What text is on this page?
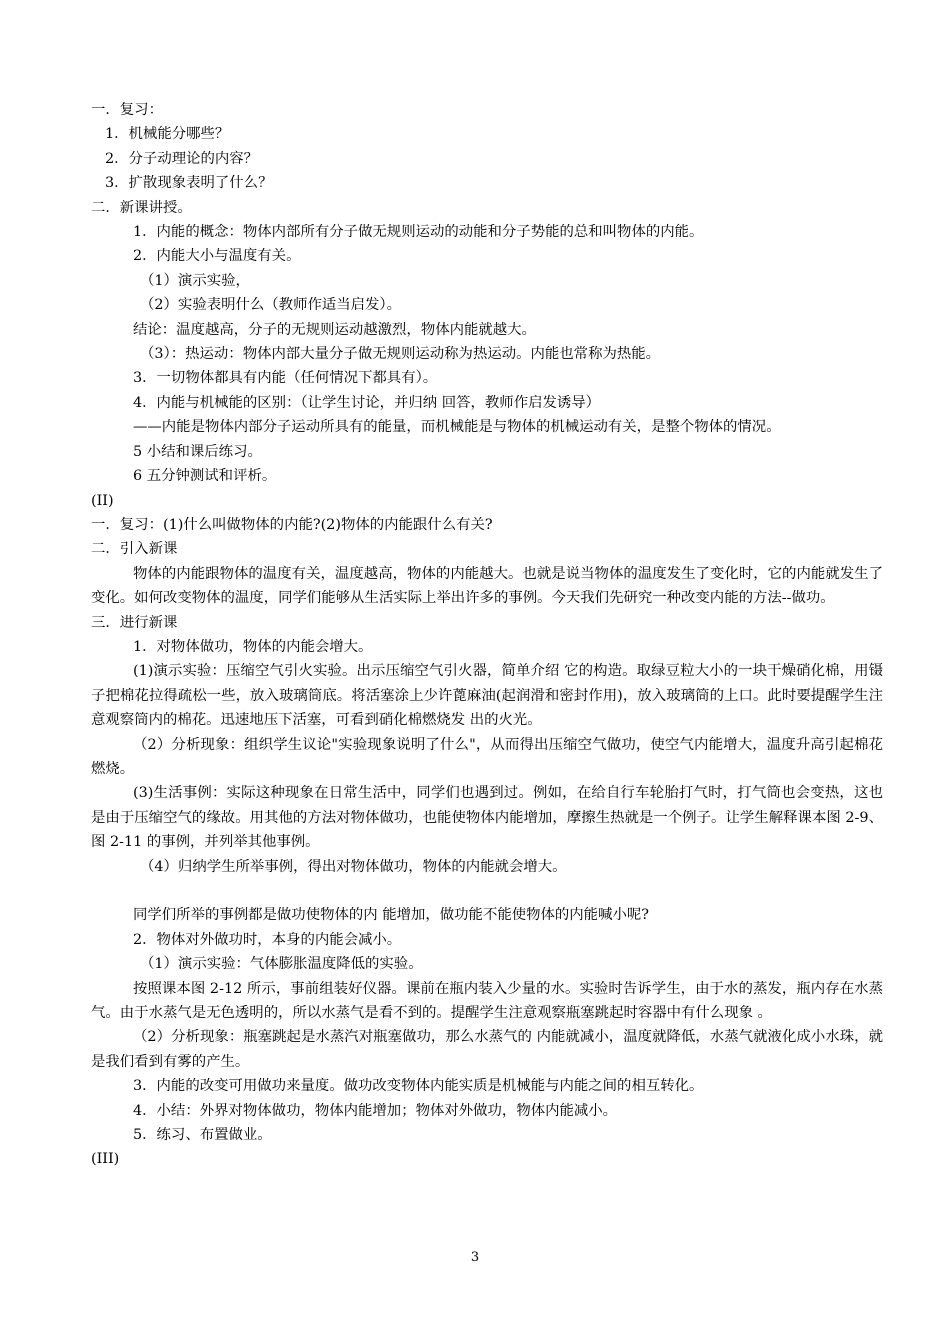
一．复习：
1．机械能分哪些？
2．分子动理论的内容？
3．扩散现象表明了什么？
二．新课讲授。
1．内能的概念：物体内部所有分子做无规则运动的动能和分子势能的总和叫物体的内能。
2．内能大小与温度有关。
（1）演示实验，
（2）实验表明什么（教师作适当启发）。
结论：温度越高，分子的无规则运动越激烈，物体内能就越大。
（3）：热运动：物体内部大量分子做无规则运动称为热运动。内能也常称为热能。
3．一切物体都具有内能（任何情况下都具有）。
4．内能与机械能的区别：（让学生讨论，并归纳 回答，教师作启发诱导）
——内能是物体内部分子运动所具有的能量，而机械能是与物体的机械运动有关，是整个物体的情况。
5 小结和课后练习。
6 五分钟测试和评析。
(II)
一．复习：(1)什么叫做物体的内能?(2)物体的内能跟什么有关?
二．引入新课
物体的内能跟物体的温度有关，温度越高，物体的内能越大。也就是说当物体的温度发生了变化时，它的内能就发生了变化。如何改变物体的温度，同学们能够从生活实际上举出许多的事例。今天我们先研究一种改变内能的方法--做功。
三．进行新课
1．对物体做功，物体的内能会增大。
(1)演示实验：压缩空气引火实验。出示压缩空气引火器，简单介绍 它的构造。取绿豆粒大小的一块干燥硝化棉，用镊子把棉花拉得疏松一些，放入玻璃筒底。将活塞涂上少许蓖麻油(起润滑和密封作用)，放入玻璃筒的上口。此时要提醒学生注意观察筒内的棉花。迅速地压下活塞，可看到硝化棉燃烧发 出的火光。
（2）分析现象：组织学生议论"实验现象说明了什么"，从而得出压缩空气做功，使空气内能增大，温度升高引起棉花燃烧。
(3)生活事例：实际这种现象在日常生活中，同学们也遇到过。例如，在给自行车轮胎打气时，打气筒也会变热，这也是由于压缩空气的缘故。用其他的方法对物体做功，也能使物体内能增加，摩擦生热就是一个例子。让学生解释课本图 2-9、图 2-11 的事例，并列举其他事例。
（4）归纳学生所举事例，得出对物体做功，物体的内能就会增大。
同学们所举的事例都是做功使物体的内 能增加，做功能不能使物体的内能喊小呢?
2．物体对外做功时，本身的内能会减小。
（1）演示实验：气体膨胀温度降低的实验。
按照课本图 2-12 所示，事前组装好仪器。课前在瓶内装入少量的水。实验时告诉学生，由于水的蒸发，瓶内存在水蒸气。由于水蒸气是无色透明的，所以水蒸气是看不到的。提醒学生注意观察瓶塞跳起时容器中有什么现象 。
（2）分析现象：瓶塞跳起是水蒸汽对瓶塞做功，那么水蒸气的 内能就减小，温度就降低，水蒸气就液化成小水珠，就是我们看到有雾的产生。
3．内能的改变可用做功来量度。做功改变物体内能实质是机械能与内能之间的相互转化。
4．小结：外界对物体做功，物体内能增加；物体对外做功，物体内能减小。
5．练习、布置做业。
(III)
3
